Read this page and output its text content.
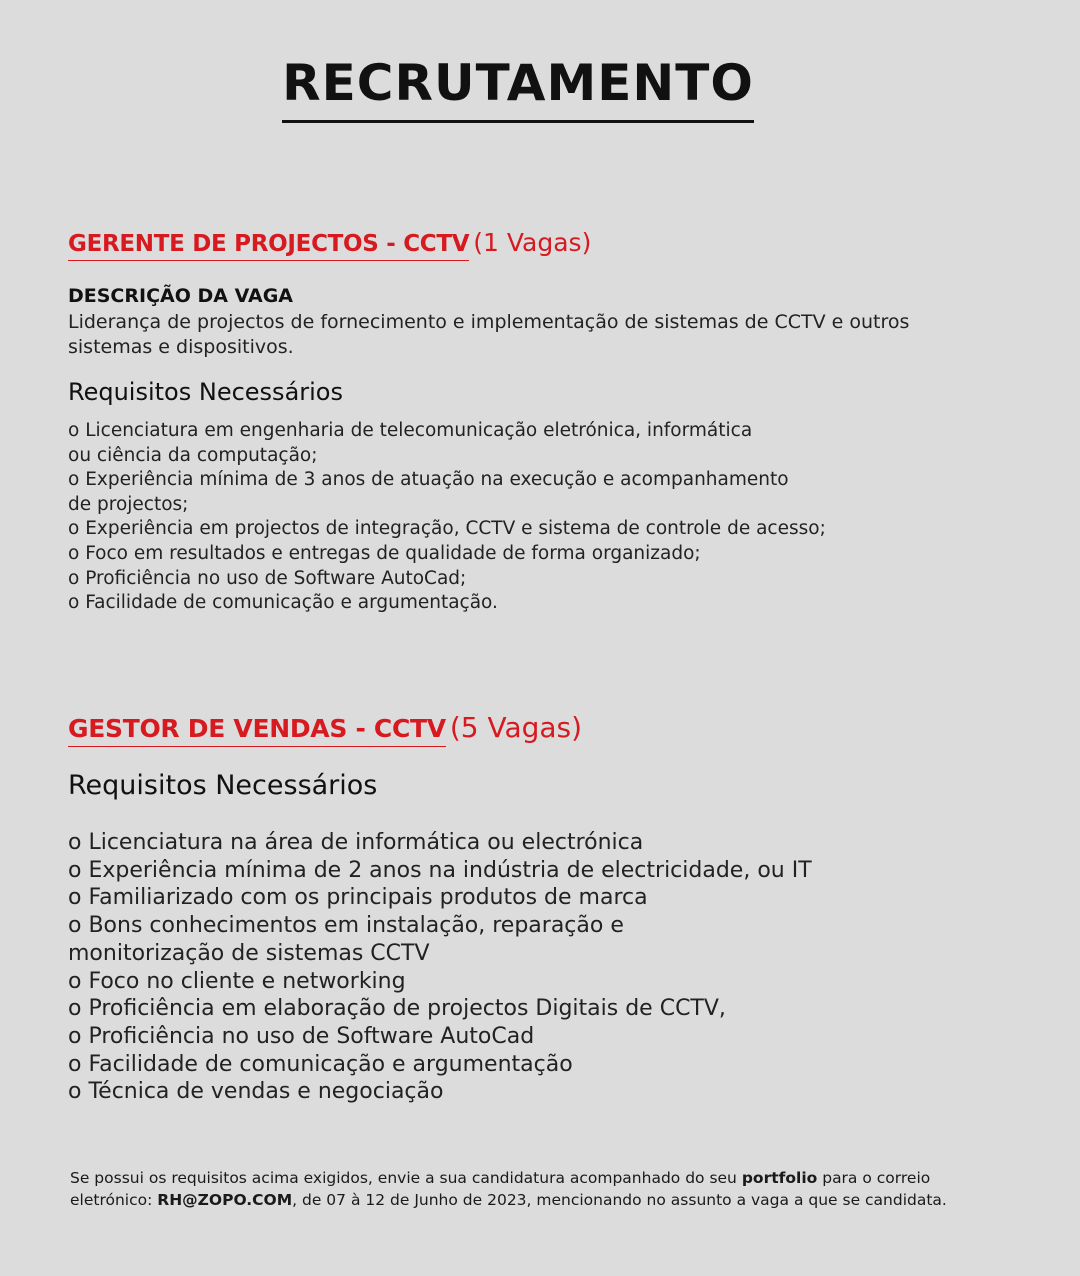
RECRUTAMENTO
GERENTE DE PROJECTOS - CCTV (1 Vagas)
DESCRIÇÃO DA VAGA
Liderança de projectos de fornecimento e implementação de sistemas de CCTV e outros sistemas e dispositivos.
Requisitos Necessários
o Licenciatura em engenharia de telecomunicação eletrónica, informática
ou ciência da computação;
o Experiência mínima de 3 anos de atuação na execução e acompanhamento
de projectos;
o Experiência em projectos de integração, CCTV e sistema de controle de acesso;
o Foco em resultados e entregas de qualidade de forma organizado;
o Proficiência no uso de Software AutoCad;
o Facilidade de comunicação e argumentação.
GESTOR DE VENDAS - CCTV (5 Vagas)
Requisitos Necessários
o Licenciatura na área de informática ou electrónica
o Experiência mínima de 2 anos na indústria de electricidade, ou IT
o Familiarizado com os principais produtos de marca
o Bons conhecimentos em instalação, reparação e
monitorização de sistemas CCTV
o Foco no cliente e networking
o Proficiência em elaboração de projectos Digitais de CCTV,
o Proficiência no uso de Software AutoCad
o Facilidade de comunicação e argumentação
o Técnica de vendas e negociação
Se possui os requisitos acima exigidos, envie a sua candidatura acompanhado do seu portfolio para o correio eletrónico: RH@ZOPO.COM, de 07 à 12 de Junho de 2023, mencionando no assunto a vaga a que se candidata.
